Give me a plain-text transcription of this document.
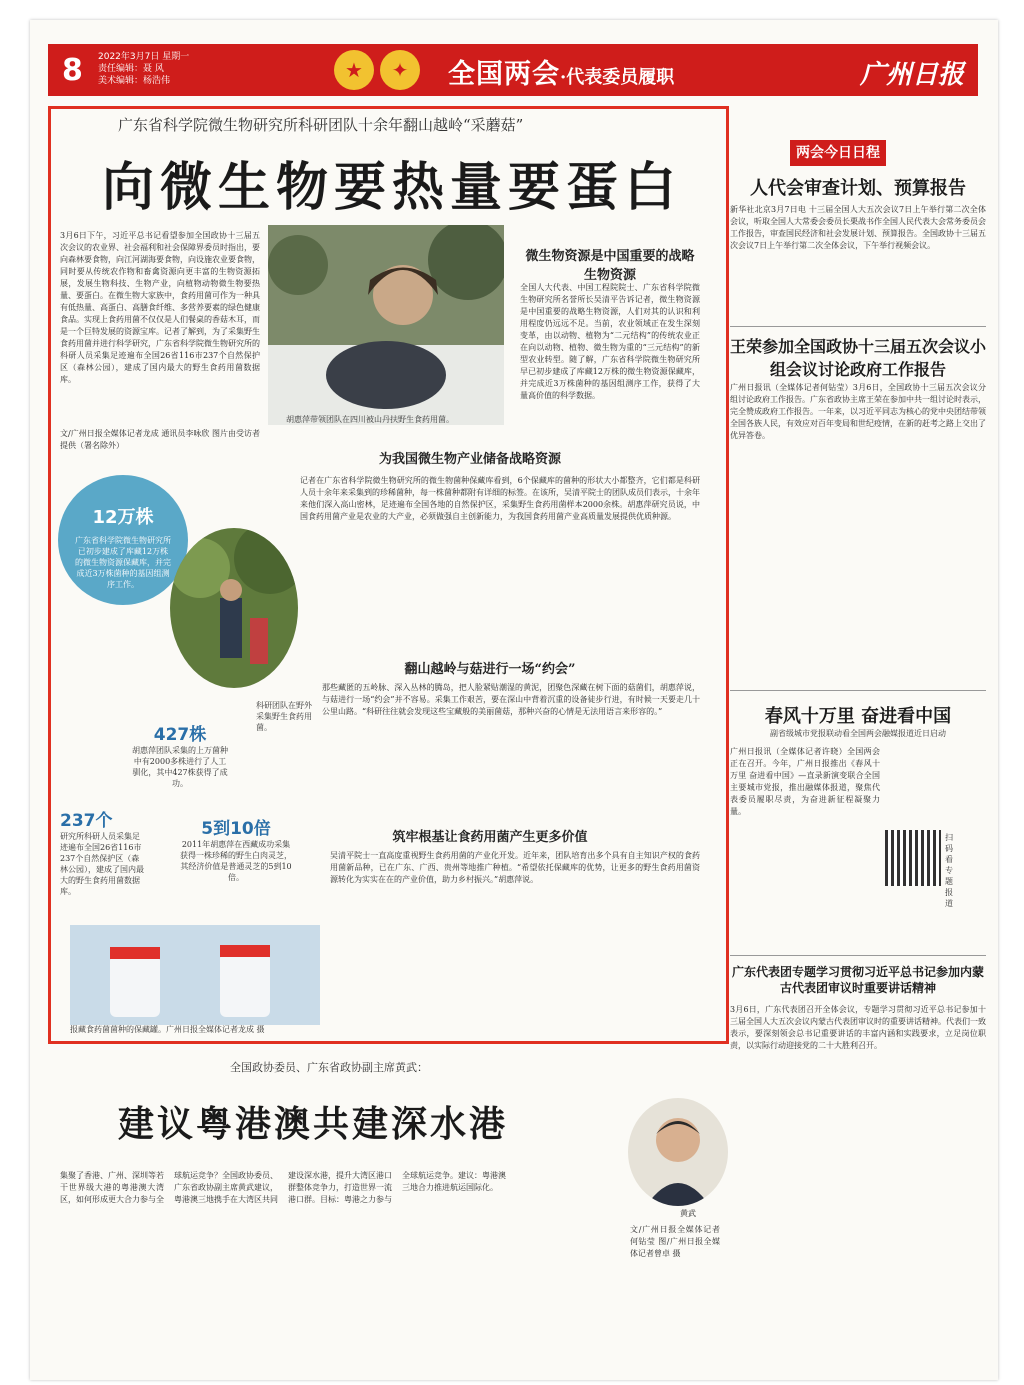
8 2022年3月7日 星期一
责任编辑：聂 风
美术编辑：杨浩伟	★	✦	全国两会·代表委员履职	广州日报
广东省科学院微生物研究所科研团队十余年翻山越岭“采蘑菇”
向微生物要热量要蛋白
3月6日下午，习近平总书记看望参加全国政协十三届五次会议的农业界、社会福利和社会保障界委员时指出，要向森林要食物，向江河湖海要食物，向设施农业要食物，同时要从传统农作物和畜禽资源向更丰富的生物资源拓展，发展生物科技、生物产业，向植物动物微生物要热量、要蛋白。在微生物大家族中，食药用菌可作为一种具有低热量、高蛋白、高膳食纤维、多营养要素的绿色健康食品。实现上食药用菌不仅仅是人们餐桌的香菇木耳，而是一个巨特发展的资源宝库。记者了解到，为了采集野生食药用菌并进行科学研究，广东省科学院微生物研究所的科研人员采集足迹遍布全国26省116市237个自然保护区（森林公园），建成了国内最大的野生食药用菌数据库。
文/广州日报全媒体记者龙成 通讯员李咏欣 图片由受访者提供（署名除外）
胡惠萍带领团队在四川被山丹扶野生食药用菌。
微生物资源是中国重要的战略生物资源
全国人大代表、中国工程院院士、广东省科学院微生物研究所名誉所长吴清平告诉记者，微生物资源是中国重要的战略生物资源，人们对其的认识和利用程度仍远远不足。当前，农业领域正在发生深刻变革，由以动物、植物为“二元结构”的传统农业正在向以动物、植物、微生物为重的“三元结构”的新型农业转型。随了解，广东省科学院微生物研究所早已初步建成了库藏12万株的微生物资源保藏库，并完成近3万株菌种的基因组测序工作，获得了大量高价值的科学数据。
为我国微生物产业储备战略资源
记者在广东省科学院微生物研究所的微生物菌种保藏库看到，6个保藏库的菌种的形状大小都整齐，它们都是科研人员十余年来采集到的珍稀菌种，每一株菌种都附有详细的标签。在该所，吴清平院士的团队成员们表示，十余年来他们深入高山密林，足迹遍布全国各地的自然保护区，采集野生食药用菌样本2000余株。胡惠萍研究员说，中国食药用菌产业是农业的大产业，必须做强自主创新能力，为我国食药用菌产业高质量发展提供优质种源。
12万株
广东省科学院微生物研究所已初步建成了库藏12万株的微生物资源保藏库，并完成近3万株菌种的基因组测序工作。
科研团队在野外采集野生食药用菌。
翻山越岭与菇进行一场“约会”
那些藏匿的五岭脉、深入丛林的腾岛，把人脸紧贴潮湿的黄泥，团聚色深藏在树下面的菇菌们，胡惠萍说，与菇进行一场“约会”并不容易。采集工作艰苦，要在深山中背着沉重的设备徒步行进，有时候一天要走几十公里山路。“科研往往就会发现这些宝藏般的美丽菌菇，那种兴奋的心情是无法用语言来形容的。”
427株
胡惠萍团队采集的上万菌种中有2000多株进行了人工驯化，其中427株获得了成功。
237个
研究所科研人员采集足迹遍布全国26省116市237个自然保护区（森林公园），建成了国内最大的野生食药用菌数据库。
5到10倍
2011年胡惠萍在西藏成功采集获得一株珍稀的野生白肉灵芝，其经济价值是普通灵芝的5到10倍。
筑牢根基让食药用菌产生更多价值
吴清平院士一直高度重视野生食药用菌的产业化开发。近年来，团队培育出多个具有自主知识产权的食药用菌新品种，已在广东、广西、贵州等地推广种植。“希望依托保藏库的优势，让更多的野生食药用菌资源转化为实实在在的产业价值，助力乡村振兴。”胡惠萍说。
报藏食药菌菌种的保藏罐。广州日报全媒体记者龙成 摄
两会今日日程
人代会审查计划、预算报告
新华社北京3月7日电 十三届全国人大五次会议7日上午举行第二次全体会议，听取全国人大常委会委员长栗战书作全国人民代表大会常务委员会工作报告，审查国民经济和社会发展计划、预算报告。全国政协十三届五次会议7日上午举行第二次全体会议，下午举行视频会议。
王荣参加全国政协十三届五次会议小组会议讨论政府工作报告
广州日报讯（全媒体记者何钻莹）3月6日，全国政协十三届五次会议分组讨论政府工作报告。广东省政协主席王荣在参加中共一组讨论时表示，完全赞成政府工作报告。一年来，以习近平同志为核心的党中央团结带领全国各族人民，有效应对百年变局和世纪疫情，在新的赶考之路上交出了优异答卷。
春风十万里 奋进看中国
副省级城市党报联动看全国两会融媒报道近日启动
广州日报讯（全媒体记者许晓）全国两会正在召开。今年，广州日报推出《春风十万里 奋进看中国》—直录新演变联合全国主要城市党报，推出融媒体报道，聚焦代表委员履职尽责，为奋进新征程凝聚力量。
扫码看专题报道
广东代表团专题学习贯彻习近平总书记参加内蒙古代表团审议时重要讲话精神
3月6日，广东代表团召开全体会议，专题学习贯彻习近平总书记参加十三届全国人大五次会议内蒙古代表团审议时的重要讲话精神。代表们一致表示，要深刻领会总书记重要讲话的丰富内涵和实践要求，立足岗位职责，以实际行动迎接党的二十大胜利召开。
全国政协委员、广东省政协副主席黄武：
建议粤港澳共建深水港
黄武
集聚了香港、广州、深圳等若干世界级大港的粤港澳大湾区，如何形成更大合力参与全球航运竞争？全国政协委员、广东省政协副主席黄武建议，粤港澳三地携手在大湾区共同建设深水港，提升大湾区港口群整体竞争力，打造世界一流港口群。目标：粤港之力参与全球航运竞争。建议：粤港澳三地合力推进航运国际化。
文/广州日报全媒体记者何钻莹 图/广州日报全媒体记者曾卓 摄
